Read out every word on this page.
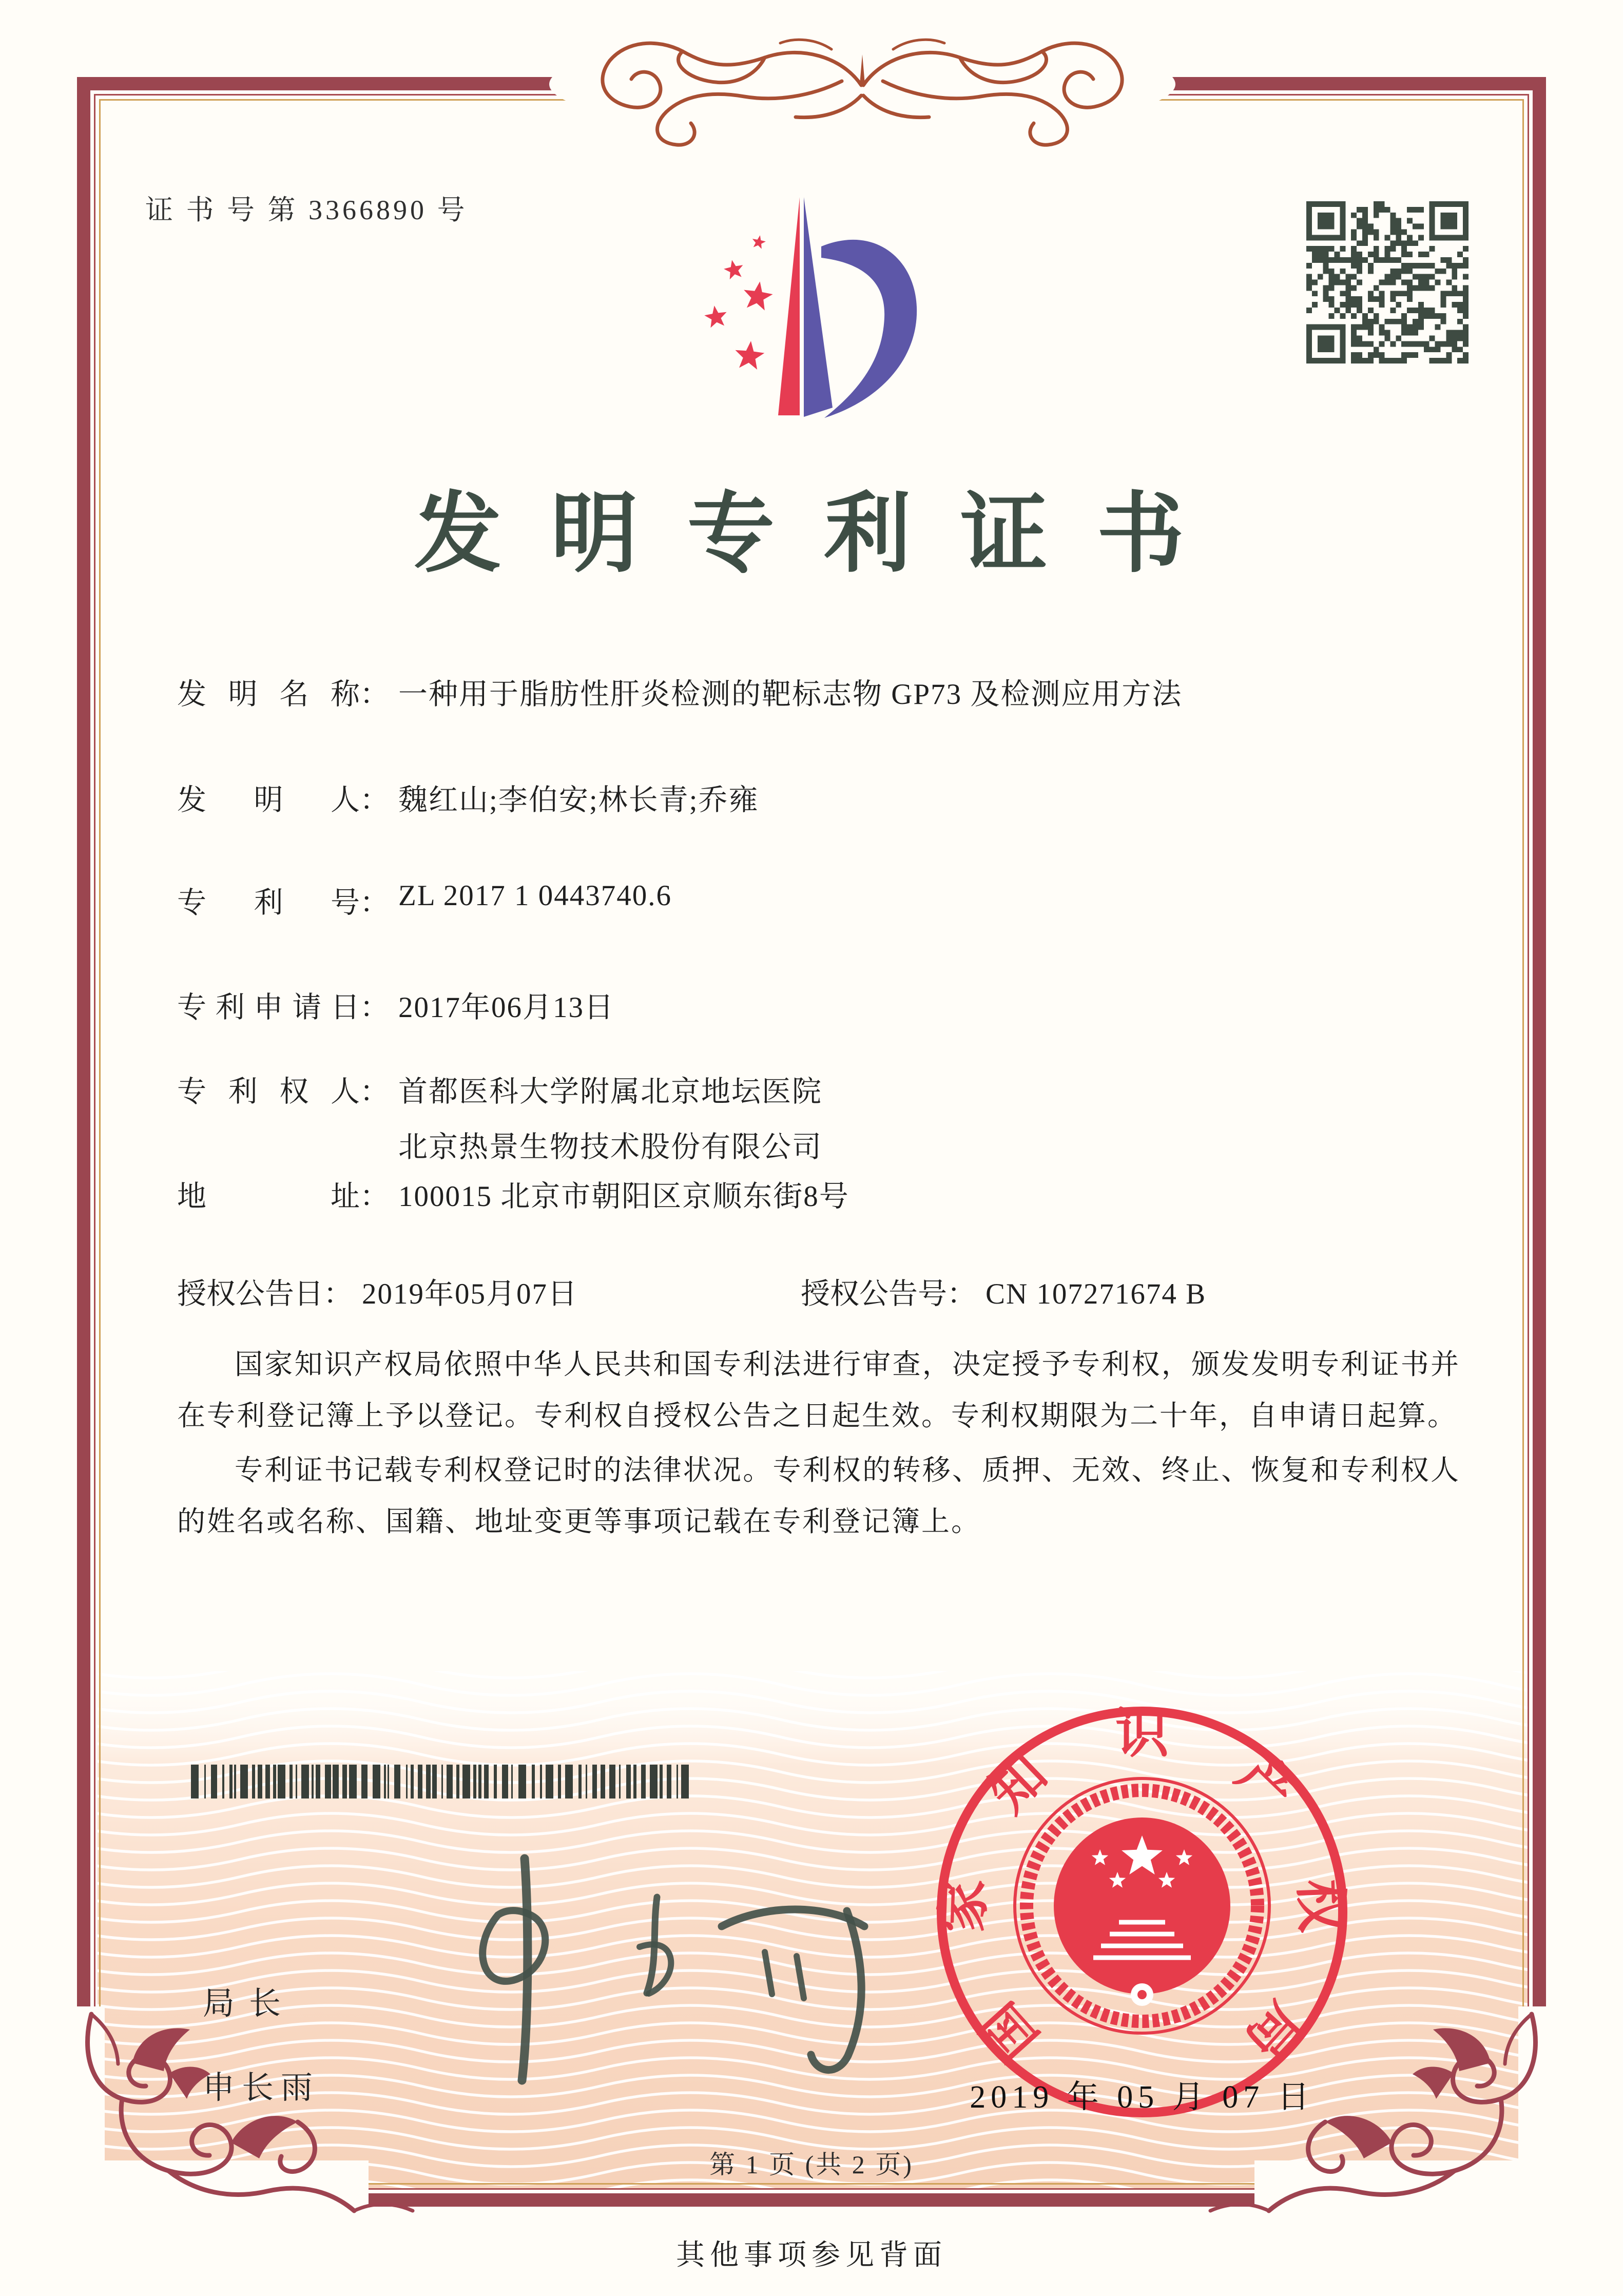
证 书 号 第 3366890 号
发明专利证书
发明名称： 一种用于脂肪性肝炎检测的靶标志物 GP73 及检测应用方法
发明人： 魏红山;李伯安;林长青;乔雍
专利号： ZL 2017 1 0443740.6
专利申请日： 2017年06月13日
专利权人： 首都医科大学附属北京地坛医院
北京热景生物技术股份有限公司
地址： 100015 北京市朝阳区京顺东街8号
授权公告日： 2019年05月07日	授权公告号： CN 107271674 B

国家知识产权局依照中华人民共和国专利法进行审查，决定授予专利权，颁发发明专利证书并在专利登记簿上予以登记。专利权自授权公告之日起生效。专利权期限为二十年，自申请日起算。

专利证书记载专利权登记时的法律状况。专利权的转移、质押、无效、终止、恢复和专利权人的姓名或名称、国籍、地址变更等事项记载在专利登记簿上。

局长
申长雨
国
家
知
识
产
权
局
2019 年 05 月 07 日
第 1 页 (共 2 页)
其他事项参见背面
